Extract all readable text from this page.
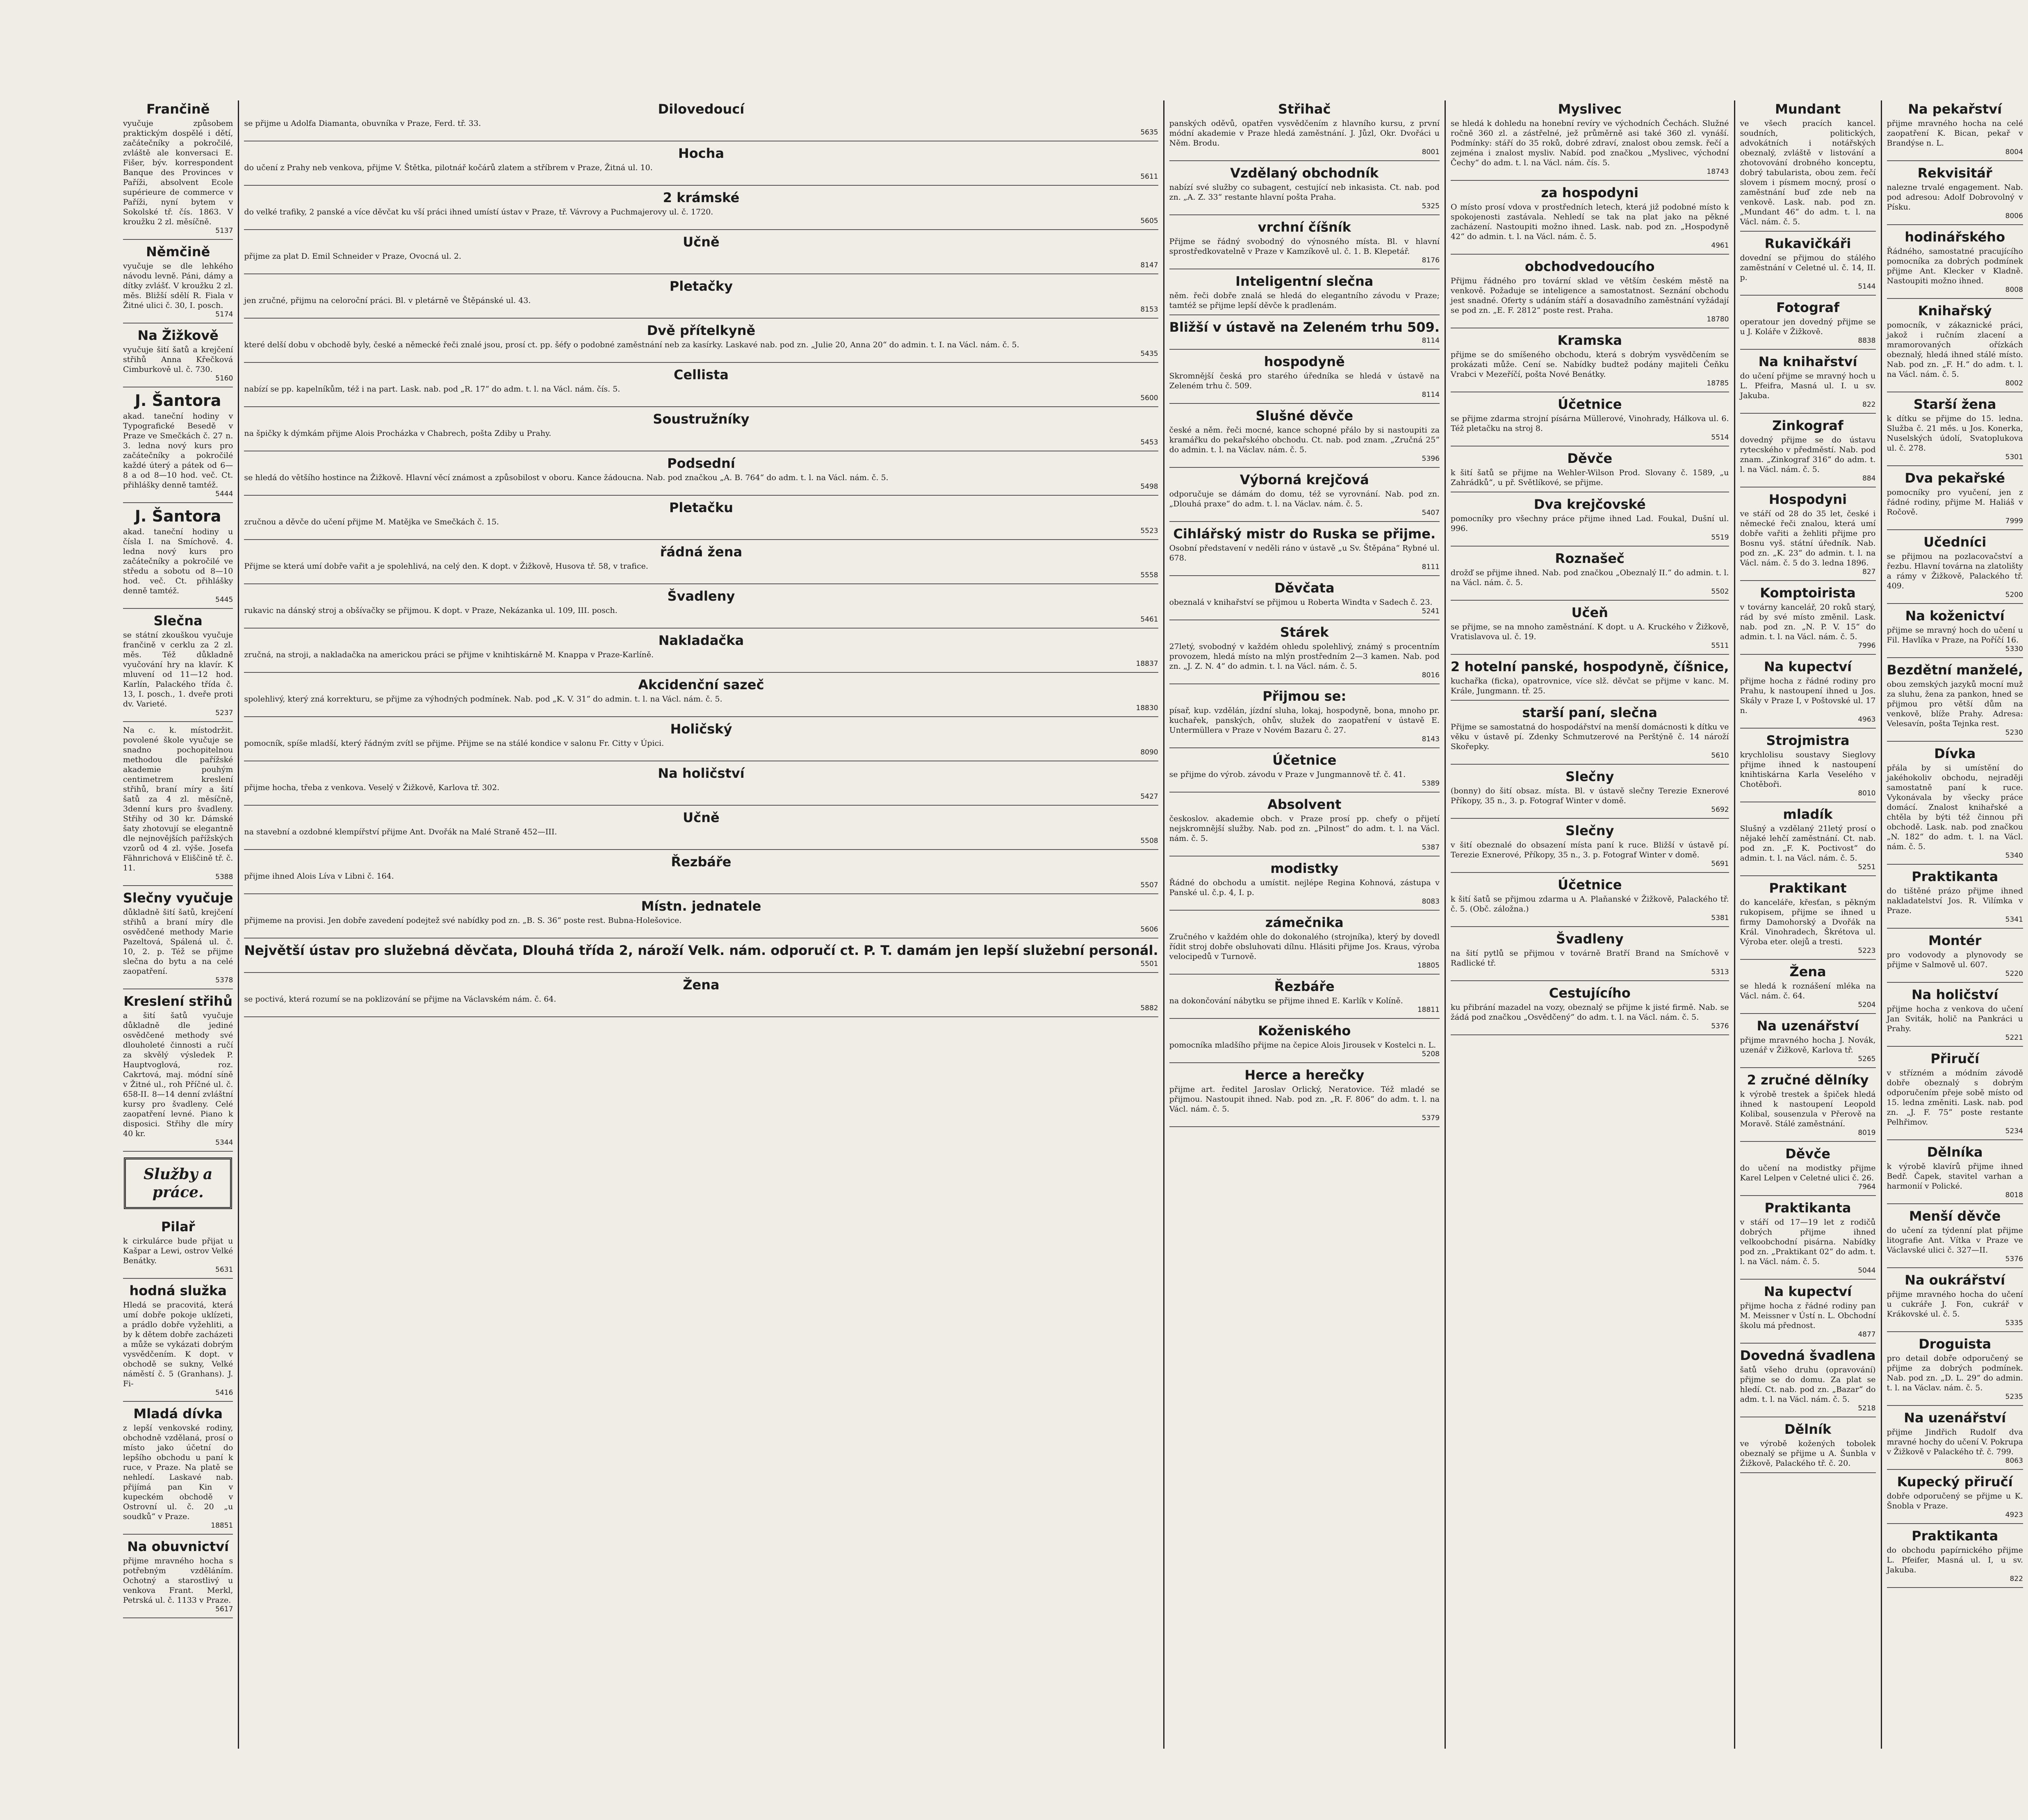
Frančině

vyučuje způsobem praktickým dospělé i dětí, začátečníky a pokročilé, zvláště ale konversaci E. Fišer, býv. korrespondent Banque des Provinces v Paříži, absolvent Ecole supérieure de commerce v Paříži, nyní bytem v Sokolské tř. čís. 1863. V kroužku 2 zl. měsíčně.

5137
Němčině

vyučuje se dle lehkého návodu levně. Páni, dámy a dítky zvlášť. V kroužku 2 zl. měs. Bližší sdělí R. Fiala v Žitné ulici č. 30, I. posch.

5174
Na Žižkově

vyučuje šití šatů a krejčení střihů Anna Křečková Cimburkově ul. č. 730.

5160
J. Šantora

akad. taneční hodiny v Typografické Besedě v Praze ve Smečkách č. 27 n. 3. ledna nový kurs pro začátečníky a pokročilé každé úterý a pátek od 6—8 a od 8—10 hod. več. Ct. přihlášky denně tamtéž.

5444
J. Šantora

akad. taneční hodiny u čísla I. na Smíchově. 4. ledna nový kurs pro začátečníky a pokročilé ve středu a sobotu od 8—10 hod. več. Ct. přihlášky denně tamtéž.

5445
Slečna

se státní zkouškou vyučuje frančině v cerklu za 2 zl. měs. Též důkladně vyučování hry na klavír. K mluvení od 11—12 hod. Karlín, Palackého třída č. 13, I. posch., 1. dveře proti dv. Varieté.

5237

Na c. k. místodržit. povolené škole vyučuje se snadno pochopitelnou methodou dle pařížské akademie pouhým centimetrem kreslení střihů, braní míry a šití šatů za 4 zl. měsíčně, 3denní kurs pro švadleny. Střihy od 30 kr. Dámské šaty zhotovují se elegantně dle nejnovějších pařížských vzorů od 4 zl. výše. Josefa Fähnrichová v Eliščině tř. č. 11.

5388
Slečny vyučuje

důkladně šití šatů, krejčení střihů a braní míry dle osvědčené methody Marie Pazeltová, Spálená ul. č. 10, 2. p. Též se přijme slečna do bytu a na celé zaopatření.

5378
Kreslení střihů

a šití šatů vyučuje důkladně dle jediné osvědčené methody své dlouholeté činnosti a ručí za skvělý výsledek P. Hauptvoglová, roz. Cakrtová, maj. módní síně v Žitné ul., roh Příčné ul. č. 658-II. 8—14 denní zvláštní kursy pro švadleny. Celé zaopatření levné. Piano k disposici. Střihy dle míry 40 kr.

5344
Služby a práce.
Pilař

k cirkulárce bude přijat u Kašpar a Lewi, ostrov Velké Benátky.

5631
hodná služka

Hledá se pracovitá, která umí dobře pokoje uklízeti, a prádlo dobře vyžehliti, a by k dětem dobře zacházeti a může se vykázati dobrým vysvědčením. K dopt. v obchodě se sukny, Velké náměstí č. 5 (Granhans). J. Fi-

5416
Mladá dívka

z lepší venkovské rodiny, obchodně vzdělaná, prosí o místo jako účetní do lepšího obchodu u paní k ruce, v Praze. Na platě se nehledí. Laskavé nab. přijímá pan Kin v kupeckém obchodě v Ostrovní ul. č. 20 „u soudků“ v Praze.

18851
Na obuvnictví

přijme mravného hocha s potřebným vzděláním. Ochotný a starostlivý u venkova Frant. Merkl, Petrská ul. č. 1133 v Praze.

5617
Dilovedoucí

se přijme u Adolfa Diamanta, obuvníka v Praze, Ferd. tř. 33.

5635
Hocha

do učení z Prahy neb venkova, přijme V. Štětka, pilotnář kočárů zlatem a stříbrem v Praze, Žitná ul. 10.

5611
2 krámské

do velké trafiky, 2 panské a více děvčat ku vší práci ihned umístí ústav v Praze, tř. Vávrovy a Puchmajerovy ul. č. 1720.

5605
Učně

přijme za plat D. Emil Schneider v Praze, Ovocná ul. 2.

8147
Pletačky

jen zručné, přijmu na celoroční práci. Bl. v pletárně ve Štěpánské ul. 43.

8153
Dvě přítelkyně

které delší dobu v obchodě byly, české a německé řeči znalé jsou, prosí ct. pp. šéfy o podobné zaměstnání neb za kasírky. Laskavé nab. pod zn. „Julie 20, Anna 20“ do admin. t. I. na Václ. nám. č. 5.

5435
Cellista

nabízí se pp. kapelníkům, též i na part. Lask. nab. pod „R. 17“ do adm. t. l. na Václ. nám. čís. 5.

5600
Soustružníky

na špičky k dýmkám přijme Alois Procházka v Chabrech, pošta Zdiby u Prahy.

5453
Podsední

se hledá do většího hostince na Žižkově. Hlavní věcí známost a způsobilost v oboru. Kance žádoucna. Nab. pod značkou „A. B. 764“ do adm. t. l. na Václ. nám. č. 5.

5498
Pletačku

zručnou a děvče do učení přijme M. Matějka ve Smečkách č. 15.

5523
řádná žena

Přijme se která umí dobře vařit a je spolehlivá, na celý den. K dopt. v Žižkově, Husova tř. 58, v trafice.

5558
Švadleny

rukavic na dánský stroj a obšívačky se přijmou. K dopt. v Praze, Nekázanka ul. 109, III. posch.

5461
Nakladačka

zručná, na stroji, a nakladačka na americkou práci se přijme v knihtiskárně M. Knappa v Praze-Karlíně.

18837
Akcidenční sazeč

spolehlivý, který zná korrekturu, se přijme za výhodných podmínek. Nab. pod „K. V. 31“ do admin. t. l. na Václ. nám. č. 5.

18830
Holičský

pomocník, spíše mladší, který řádným zvítl se přijme. Přijme se na stálé kondice v salonu Fr. Citty v Úpici.

8090
Na holičství

přijme hocha, třeba z venkova. Veselý v Žižkově, Karlova tř. 302.

5427
Učně

na stavební a ozdobné klempířství přijme Ant. Dvořák na Malé Straně 452—III.

5508
Řezbáře

přijme ihned Alois Líva v Libni č. 164.

5507
Místn. jednatele

přijmeme na provisi. Jen dobře zavedení podejtež své nabídky pod zn. „B. S. 36“ poste rest. Bubna-Holešovice.

5606
Největší ústav pro služebná děvčata, Dlouhá třída 2, nároží Velk. nám. odporučí ct. P. T. damám jen lepší služební personál.
5501
Žena

se poctivá, která rozumí se na poklizování se přijme na Václavském nám. č. 64.

5882
Střihač

panských oděvů, opatřen vysvědčením z hlavního kursu, z první módní akademie v Praze hledá zaměstnání. J. Jůzl, Okr. Dvořáci u Něm. Brodu.

8001
Vzdělaný obchodník

nabízí své služby co subagent, cestující neb inkasista. Ct. nab. pod zn. „A. Z. 33“ restante hlavní pošta Praha.

5325
vrchní číšník

Přijme se řádný svobodný do výnosného místa. Bl. v hlavní sprostředkovatelně v Praze v Kamzíkově ul. č. 1. B. Klepetář.

8176
Inteligentní slečna

něm. řeči dobře znalá se hledá do elegantního závodu v Praze; tamtéž se přijme lepší děvče k pradlenám.

Bližší v ústavě na Zeleném trhu 509.
8114
hospodyně

Skromnější česká pro starého úředníka se hledá v ústavě na Zeleném trhu č. 509.

8114
Slušné děvče

české a něm. řeči mocné, kance schopné přálo by si nastoupiti za kramářku do pekařského obchodu. Ct. nab. pod znam. „Zručná 25“ do admin. t. l. na Václav. nám. č. 5.

5396
Výborná krejčová

odporučuje se dámám do domu, též se vyrovnání. Nab. pod zn. „Dlouhá praxe“ do adm. t. l. na Václav. nám. č. 5.

5407
Cihlářský mistr do Ruska se přijme.

Osobní představení v neděli ráno v ústavě „u Sv. Štěpána“ Rybné ul. 678.

8111
Děvčata

obeznalá v knihařství se přijmou u Roberta Windta v Sadech č. 23.

5241
Stárek

27letý, svobodný v každém ohledu spolehlivý, známý s procentním provozem, hledá místo na mlýn prostředním 2—3 kamen. Nab. pod zn. „J. Z. N. 4“ do admin. t. l. na Václ. nám. č. 5.

8016
Přijmou se:

písař, kup. vzdělán, jízdní sluha, lokaj, hospodyně, bona, mnoho pr. kuchařek, panských, ohův, služek do zaopatření v ústavě E. Untermüllera v Praze v Novém Bazaru č. 27.

8143
Účetnice

se přijme do výrob. závodu v Praze v Jungmannově tř. č. 41.

5389
Absolvent

českoslov. akademie obch. v Praze prosí pp. chefy o přijetí nejskromnější služby. Nab. pod zn. „Pilnost“ do adm. t. l. na Václ. nám. č. 5.

5387
modistky

Řádné do obchodu a umístit. nejlépe Regina Kohnová, zástupa v Panské ul. č.p. 4, I. p.

8083
zámečnika

Zručného v každém ohle do dokonalého (strojníka), který by dovedl řídit stroj dobře obsluhovati dílnu. Hlásiti přijme Jos. Kraus, výroba velocipedů v Turnově.

18805
Řezbáře

na dokončování nábytku se přijme ihned E. Karlík v Kolíně.

18811
Koženiského

pomocníka mladšího přijme na čepice Alois Jirousek v Kostelci n. L.

5208
Herce a herečky

přijme art. ředitel Jaroslav Orlický, Neratovice. Též mladé se přijmou. Nastoupit ihned. Nab. pod zn. „R. F. 806“ do adm. t. l. na Václ. nám. č. 5.

5379
Myslivec

se hledá k dohledu na honební revíry ve východních Čechách. Služné ročně 360 zl. a zástřelné, jež průměrně asi také 360 zl. vynáší. Podmínky: stáří do 35 roků, dobré zdraví, znalost obou zemsk. řečí a zejména i znalost mysliv. Nabíd. pod značkou „Myslivec, východní Čechy“ do adm. t. l. na Václ. nám. čís. 5.

18743
za hospodyni

O místo prosí vdova v prostředních letech, která již podobné místo k spokojenosti zastávala. Nehledí se tak na plat jako na pěkné zacházení. Nastoupiti možno ihned. Lask. nab. pod zn. „Hospodyně 42“ do admin. t. l. na Václ. nám. č. 5.

4961
obchodvedoucího

Přijmu řádného pro tovární sklad ve větším českém městě na venkově. Požaduje se inteligence a samostatnost. Seznání obchodu jest snadné. Oferty s udáním stáří a dosavadního zaměstnání vyžádají se pod zn. „E. F. 2812“ poste rest. Praha.

18780
Kramska

přijme se do smíšeného obchodu, která s dobrým vysvědčením se prokázati může. Cení se. Nabídky budtež podány majiteli Čeňku Vrabci v Mezeříčí, pošta Nové Benátky.

18785
Účetnice

se přijme zdarma strojní písárna Müllerové, Vinohrady, Hálkova ul. 6. Též pletačku na stroj 8.

5514
Děvče

k šití šatů se přijme na Wehler-Wilson Prod. Slovany č. 1589, „u Zahrádků“, u př. Světlíkové, se přijme.

Dva krejčovské

pomocníky pro všechny práce přijme ihned Lad. Foukal, Dušní ul. 996.

5519
Roznašeč

drožď se přijme ihned. Nab. pod značkou „Obeznalý II.“ do admin. t. l. na Václ. nám. č. 5.

5502
Učeň

se přijme, se na mnoho zaměstnání. K dopt. u A. Kruckého v Žižkově, Vratislavova ul. č. 19.

5511
2 hotelní panské, hospodyně, číšnice,

kuchařka (ficka), opatrovnice, více slž. děvčat se přijme v kanc. M. Krále, Jungmann. tř. 25.

starší paní, slečna

Přijme se samostatná do hospodářství na menší domácnosti k dítku ve věku v ústavě pí. Zdenky Schmutzerové na Perštýně č. 14 nároží Skořepky.

5610
Slečny

(bonny) do šití obsaz. místa. Bl. v ústavě slečny Terezie Exnerové Příkopy, 35 n., 3. p. Fotograf Winter v domě.

5692
Slečny

v šití obeznalé do obsazení místa paní k ruce. Bližší v ústavě pí. Terezie Exnerové, Příkopy, 35 n., 3. p. Fotograf Winter v domě.

5691
Účetnice

k šití šatů se přijmou zdarma u A. Plaňanské v Žižkově, Palackého tř. č. 5. (Obč. záložna.)

5381
Švadleny

na šití pytlů se přijmou v továrně Bratří Brand na Smíchově v Radlické tř.

5313
Cestujícího

ku přibrání mazadel na vozy, obeznalý se přijme k jisté firmě. Nab. se žádá pod značkou „Osvědčený“ do adm. t. l. na Václ. nám. č. 5.

5376
Mundant

ve všech pracích kancel. soudních, politických, advokátních i notářských obeznalý, zvláště v listování a zhotovování drobného konceptu, dobrý tabularista, obou zem. řečí slovem i písmem mocný, prosí o zaměstnání buď zde neb na venkově. Lask. nab. pod zn. „Mundant 46“ do adm. t. l. na Václ. nám. č. 5.

Rukavičkáři

dovední se přijmou do stálého zaměstnání v Celetné ul. č. 14, II. p.

5144
Fotograf

operatour jen dovedný přijme se u J. Koláře v Žižkově.

8838
Na knihařství

do učení přijme se mravný hoch u L. Pfeifra, Masná ul. I. u sv. Jakuba.

822
Zinkograf

dovedný přijme se do ústavu rytecského v předměstí. Nab. pod znam. „Zinkograf 316“ do adm. t. l. na Václ. nám. č. 5.

884
Hospodyni

ve stáří od 28 do 35 let, české i německé řeči znalou, která umí dobře vařiti a žehliti přijme pro Bosnu vyš. státní úředník. Nab. pod zn. „K. 23“ do admin. t. l. na Václ. nám. č. 5 do 3. ledna 1896.

827
Komptoirista

v továrny kancelář, 20 roků starý, rád by své místo změnil. Lask. nab. pod zn. „N. P. V. 15“ do admin. t. l. na Václ. nám. č. 5.

7996
Na kupectví

přijme hocha z řádné rodiny pro Prahu, k nastoupení ihned u Jos. Skály v Praze I, v Poštovské ul. 17 n.

4963
Strojmistra

krychlolisu soustavy Sieglovy přijme ihned k nastoupení knihtiskárna Karla Veselého v Chotěboři.

8010
mladík

Slušný a vzdělaný 21letý prosí o nějaké lehčí zaměstnání. Ct. nab. pod zn. „F. K. Poctivost“ do admin. t. l. na Václ. nám. č. 5.

5251
Praktikant

do kanceláře, křesťan, s pěkným rukopisem, přijme se ihned u firmy Damohorský a Dvořák na Král. Vinohradech, Škrétova ul. Výroba eter. olejů a tresti.

5223
Žena

se hledá k roznášení mléka na Václ. nám. č. 64.

5204
Na uzenářství

přijme mravného hocha J. Novák, uzenář v Žižkově, Karlova tř.

5265
2 zručné dělníky

k výrobě trestek a špiček hledá ihned k nastoupení Leopold Kolibal, sousenzula v Přerově na Moravě. Stálé zaměstnání.

8019
Děvče

do učení na modistky přijme Karel Lelpen v Celetné ulici č. 26.

7964
Praktikanta

v stáří od 17—19 let z rodičů dobrých přijme ihned velkoobchodní pisárna. Nabídky pod zn. „Praktikant 02“ do adm. t. l. na Václ. nám. č. 5.

5044
Na kupectví

přijme hocha z řádné rodiny pan M. Meissner v Ústí n. L. Obchodní školu má přednost.

4877
Dovedná švadlena

šatů všeho druhu (opravování) přijme se do domu. Za plat se hledí. Ct. nab. pod zn. „Bazar“ do adm. t. l. na Václ. nám. č. 5.

5218
Dělník

ve výrobě kožených tobolek obeznalý se přijme u A. Šunbla v Žižkově, Palackého tř. č. 20.

Na pekařství

přijme mravného hocha na celé zaopatření K. Bican, pekař v Brandýse n. L.

8004
Rekvisitář

nalezne trvalé engagement. Nab. pod adresou: Adolf Dobrovolný v Písku.

8006
hodinářského

Řádného, samostatné pracujícího pomocníka za dobrých podmínek přijme Ant. Klecker v Kladně. Nastoupiti možno ihned.

8008
Knihařský

pomocník, v zákaznické práci, jakož i ručním zlacení a mramorovaných ořízkách obeznalý, hledá ihned stálé místo. Nab. pod zn. „F. H.“ do adm. t. l. na Václ. nám. č. 5.

8002
Starší žena

k dítku se přijme do 15. ledna. Služba č. 21 měs. u Jos. Konerka, Nuselských údolí, Svatoplukova ul. č. 278.

5301
Dva pekařské

pomocníky pro vyučení, jen z řádné rodiny, přijme M. Haliáš v Ročově.

7999
Učedníci

se přijmou na pozlacovačství a řezbu. Hlavní továrna na zlatolišty a rámy v Žižkově, Palackého tř. 409.

5200
Na koženictví

přijme se mravný hoch do učení u Fil. Havlíka v Praze, na Poříčí 16.

5330
Bezdětní manželé,

obou zemských jazyků mocní muž za sluhu, žena za pankon, hned se přijmou pro větší dům na venkově, blíže Prahy. Adresa: Velesavín, pošta Tejnka rest.

5230
Dívka

přála by si umístění do jakéhokoliv obchodu, nejraději samostatně paní k ruce. Vykonávala by všecky práce domácí. Znalost knihařské a chtěla by býti též činnou při obchodě. Lask. nab. pod značkou „N. 182“ do adm. t. l. na Václ. nám. č. 5.

5340
Praktikanta

do tištěné prázo přijme ihned nakladatelství Jos. R. Vilímka v Praze.

5341
Montér

pro vodovody a plynovody se přijme v Salmově ul. 607.

5220
Na holičství

přijme hocha z venkova do učení Jan Sviták, holič na Pankráci u Prahy.

5221
Přiručí

v střízném a módním závodě dobře obeznalý s dobrým odporučením přeje sobě místo od 15. ledna změniti. Lask. nab. pod zn. „J. F. 75“ poste restante Pelhřimov.

5234
Dělníka

k výrobě klavírů přijme ihned Bedř. Čapek, stavitel varhan a harmonií v Polické.

8018
Menší děvče

do učení za týdenní plat přijme litografie Ant. Vítka v Praze ve Václavské ulici č. 327—II.

5376
Na oukrářství

přijme mravného hocha do učení u cukráře J. Fon, cukrář v Krákovské ul. č. 5.

5335
Droguista

pro detail dobře odporučený se přijme za dobrých podmínek. Nab. pod zn. „D. L. 29“ do admin. t. l. na Václav. nám. č. 5.

5235
Na uzenářství

přijme Jindřich Rudolf dva mravné hochy do učení V. Pokrupa v Žižkově v Palackého tř. č. 799.

8063
Kupecký přiručí

dobře odporučený se přijme u K. Šnobla v Praze.

4923
Praktikanta

do obchodu papírnického přijme L. Pfeifer, Masná ul. I, u sv. Jakuba.

822
